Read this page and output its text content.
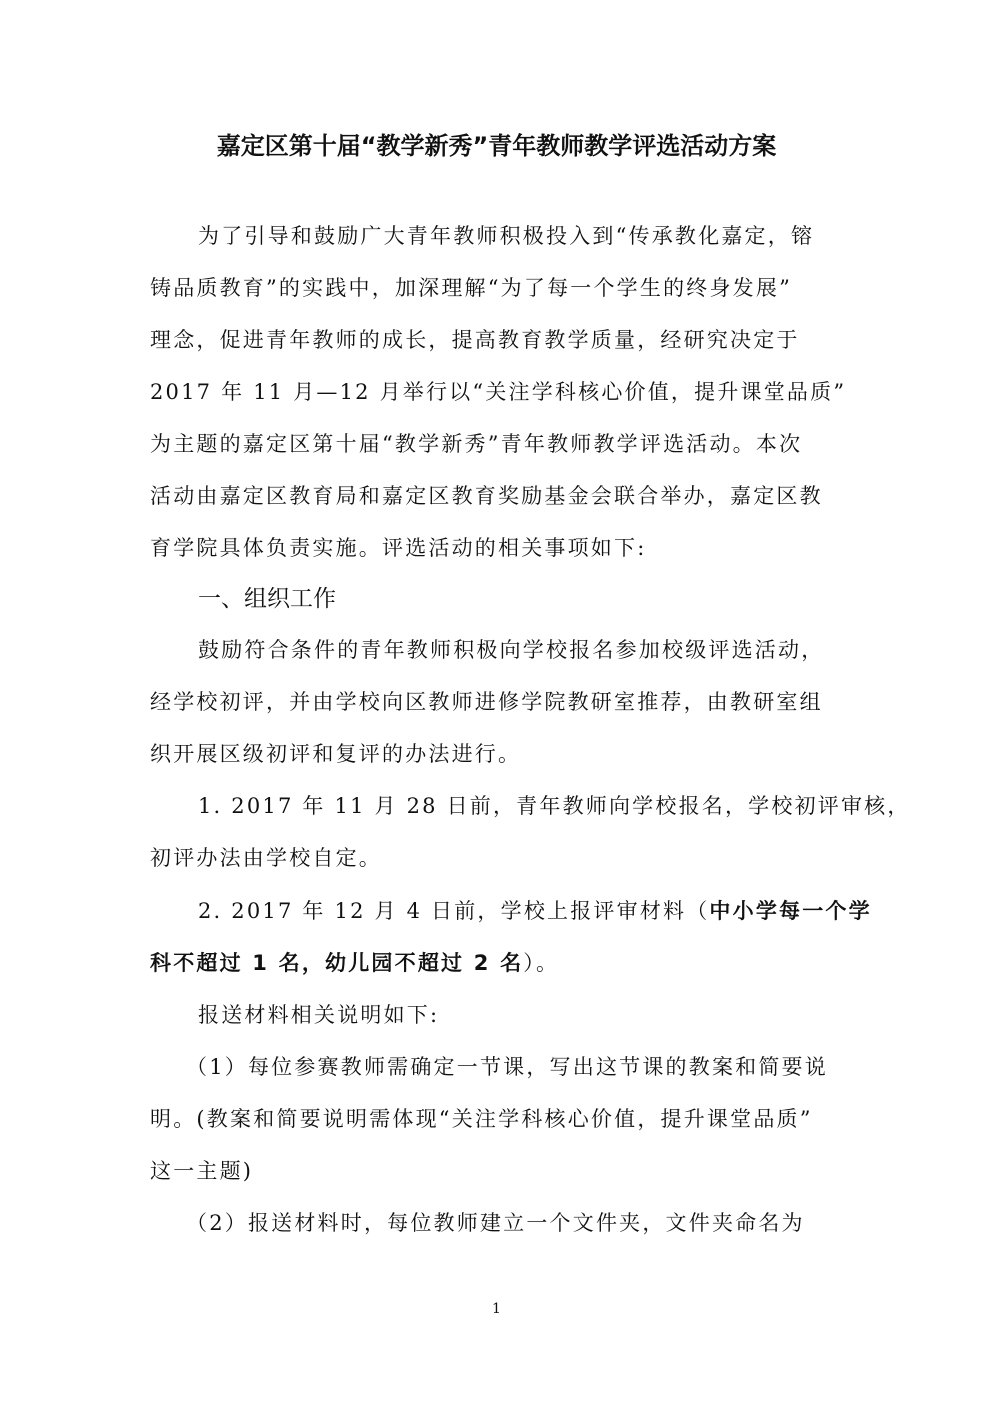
嘉定区第十届“教学新秀”青年教师教学评选活动方案
为了引导和鼓励广大青年教师积极投入到“传承教化嘉定，镕
铸品质教育”的实践中，加深理解“为了每一个学生的终身发展”
理念，促进青年教师的成长，提高教育教学质量，经研究决定于
2017 年 11 月—12 月举行以“关注学科核心价值，提升课堂品质”
为主题的嘉定区第十届“教学新秀”青年教师教学评选活动。本次
活动由嘉定区教育局和嘉定区教育奖励基金会联合举办，嘉定区教
育学院具体负责实施。评选活动的相关事项如下:
一、组织工作
鼓励符合条件的青年教师积极向学校报名参加校级评选活动，
经学校初评，并由学校向区教师进修学院教研室推荐，由教研室组
织开展区级初评和复评的办法进行。
1. 2017 年 11 月 28 日前，青年教师向学校报名，学校初评审核，
初评办法由学校自定。
2. 2017 年 12 月 4 日前，学校上报评审材料（中小学每一个学
科不超过 1 名，幼儿园不超过 2 名）。
报送材料相关说明如下:
（1）每位参赛教师需确定一节课，写出这节课的教案和简要说
明。(教案和简要说明需体现“关注学科核心价值，提升课堂品质”
这一主题)
（2）报送材料时，每位教师建立一个文件夹，文件夹命名为
1
